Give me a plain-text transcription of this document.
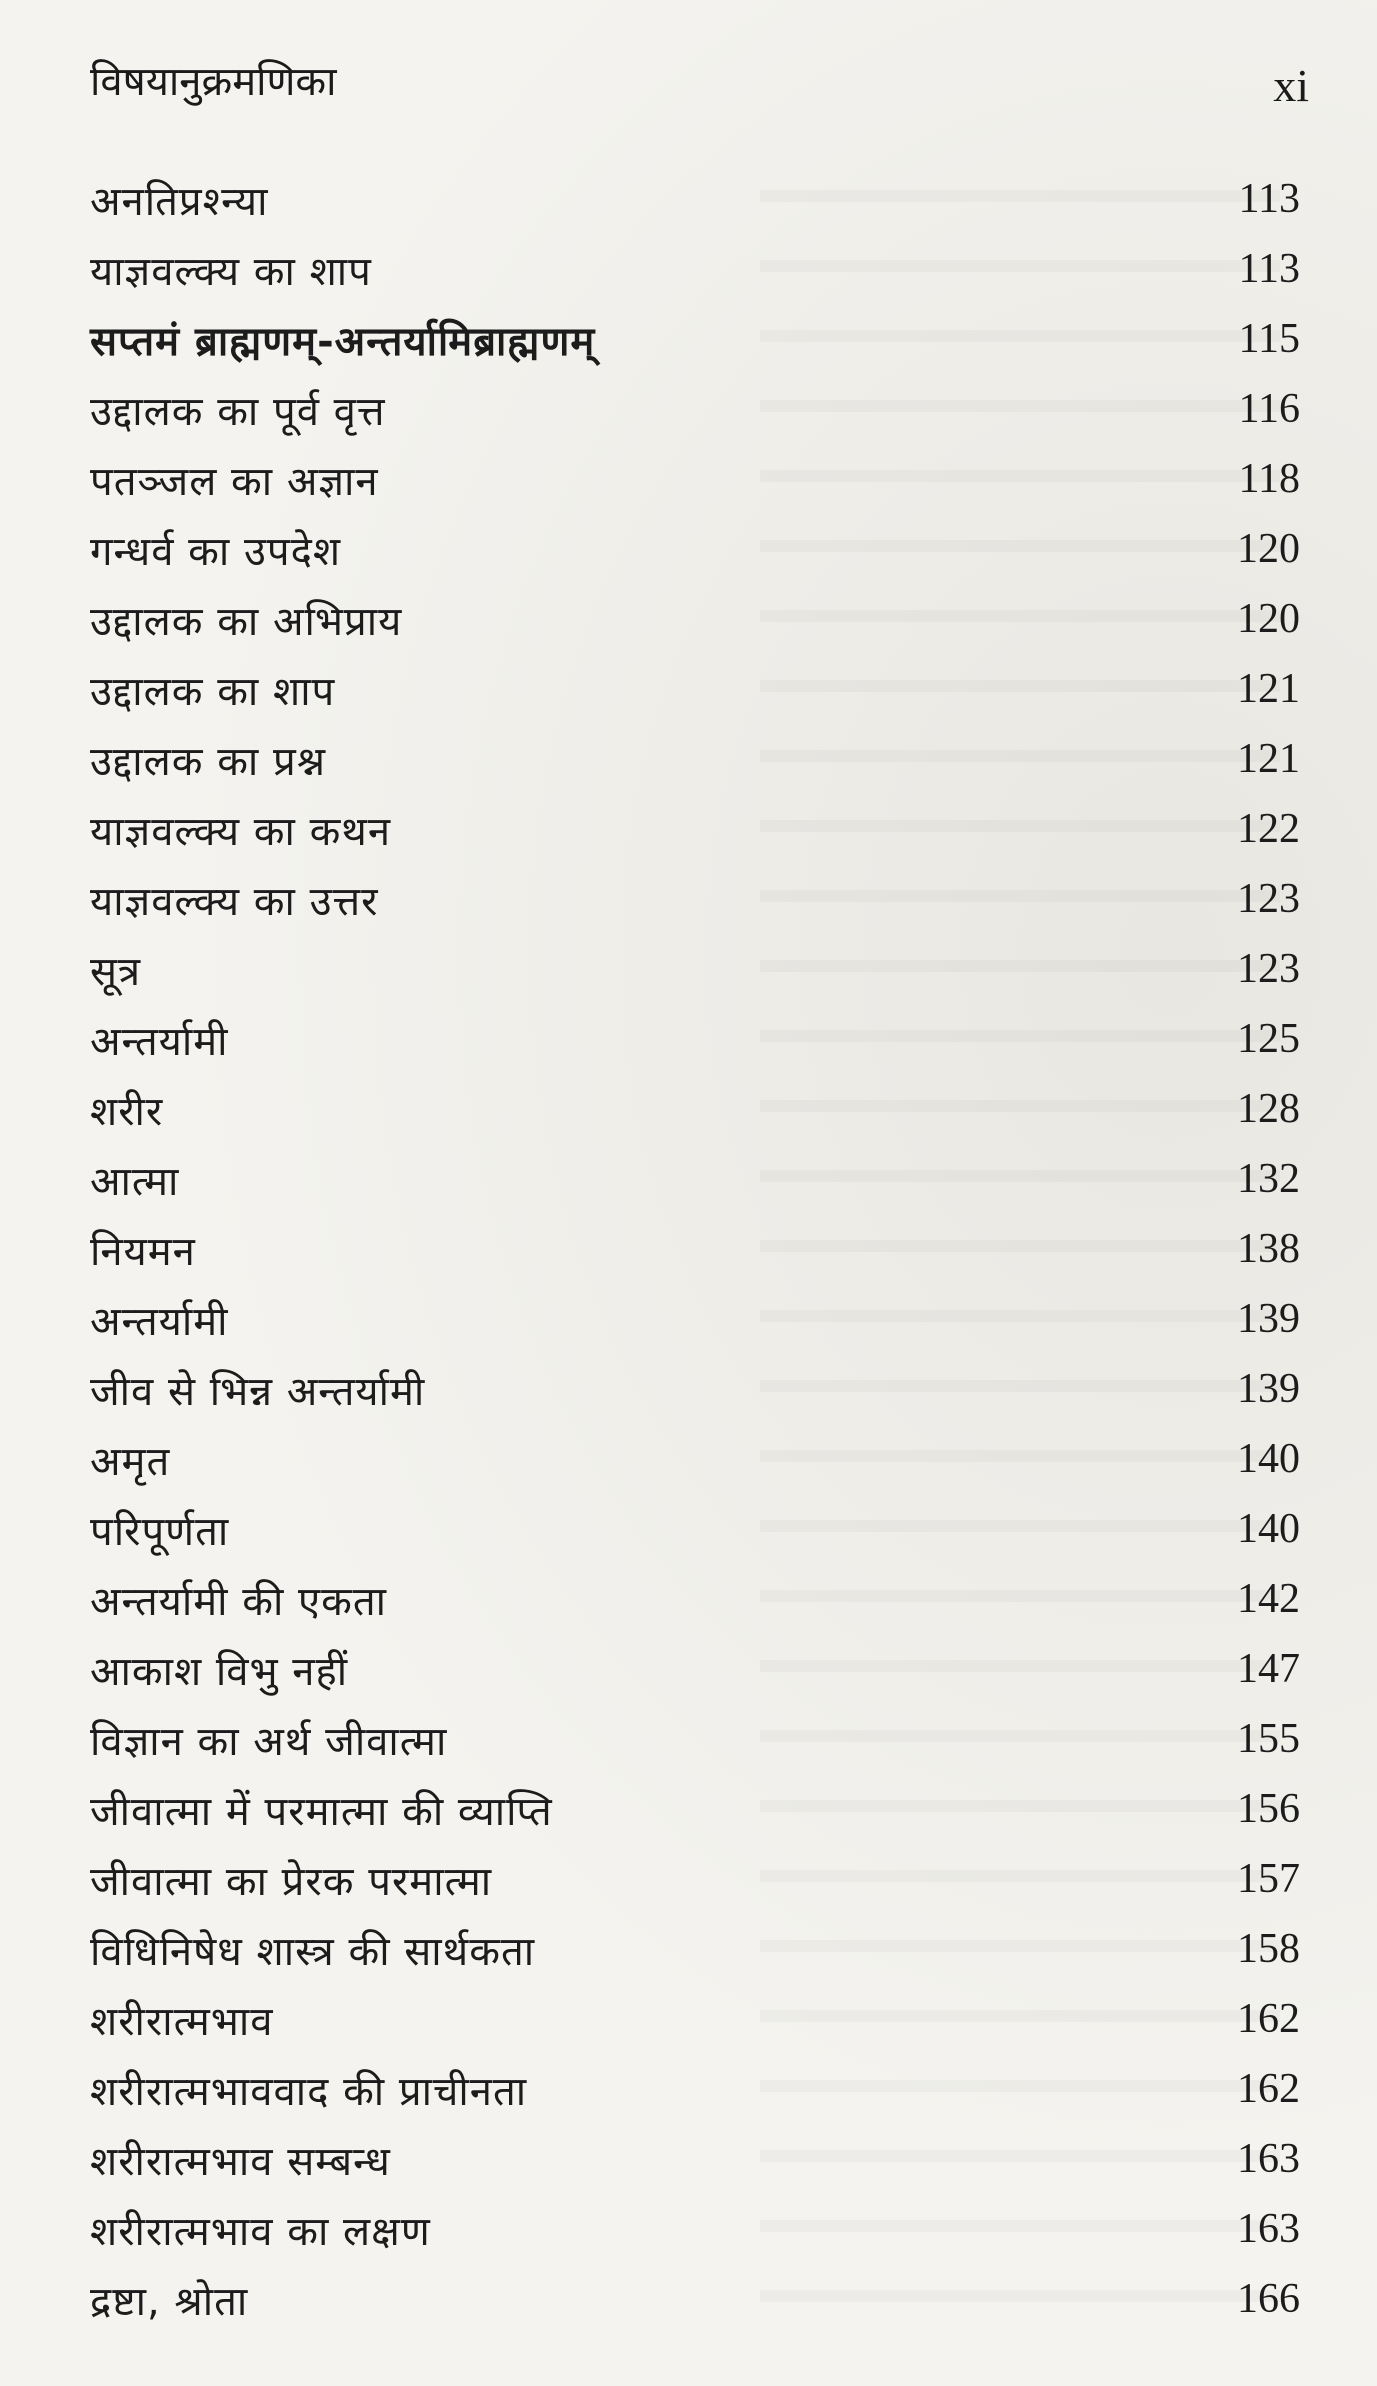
विषयानुक्रमणिका	xi
अनतिप्रश्न्या	113
याज्ञवल्क्य का शाप	113
सप्तमं ब्राह्मणम्-अन्तर्यामिब्राह्मणम्	115
उद्दालक का पूर्व वृत्त	116
पतञ्जल का अज्ञान	118
गन्धर्व का उपदेश	120
उद्दालक का अभिप्राय	120
उद्दालक का शाप	121
उद्दालक का प्रश्न	121
याज्ञवल्क्य का कथन	122
याज्ञवल्क्य का उत्तर	123
सूत्र	123
अन्तर्यामी	125
शरीर	128
आत्मा	132
नियमन	138
अन्तर्यामी	139
जीव से भिन्न अन्तर्यामी	139
अमृत	140
परिपूर्णता	140
अन्तर्यामी की एकता	142
आकाश विभु नहीं	147
विज्ञान का अर्थ जीवात्मा	155
जीवात्मा में परमात्मा की व्याप्ति	156
जीवात्मा का प्रेरक परमात्मा	157
विधिनिषेध शास्त्र की सार्थकता	158
शरीरात्मभाव	162
शरीरात्मभाववाद की प्राचीनता	162
शरीरात्मभाव सम्बन्ध	163
शरीरात्मभाव का लक्षण	163
द्रष्टा, श्रोता	166
